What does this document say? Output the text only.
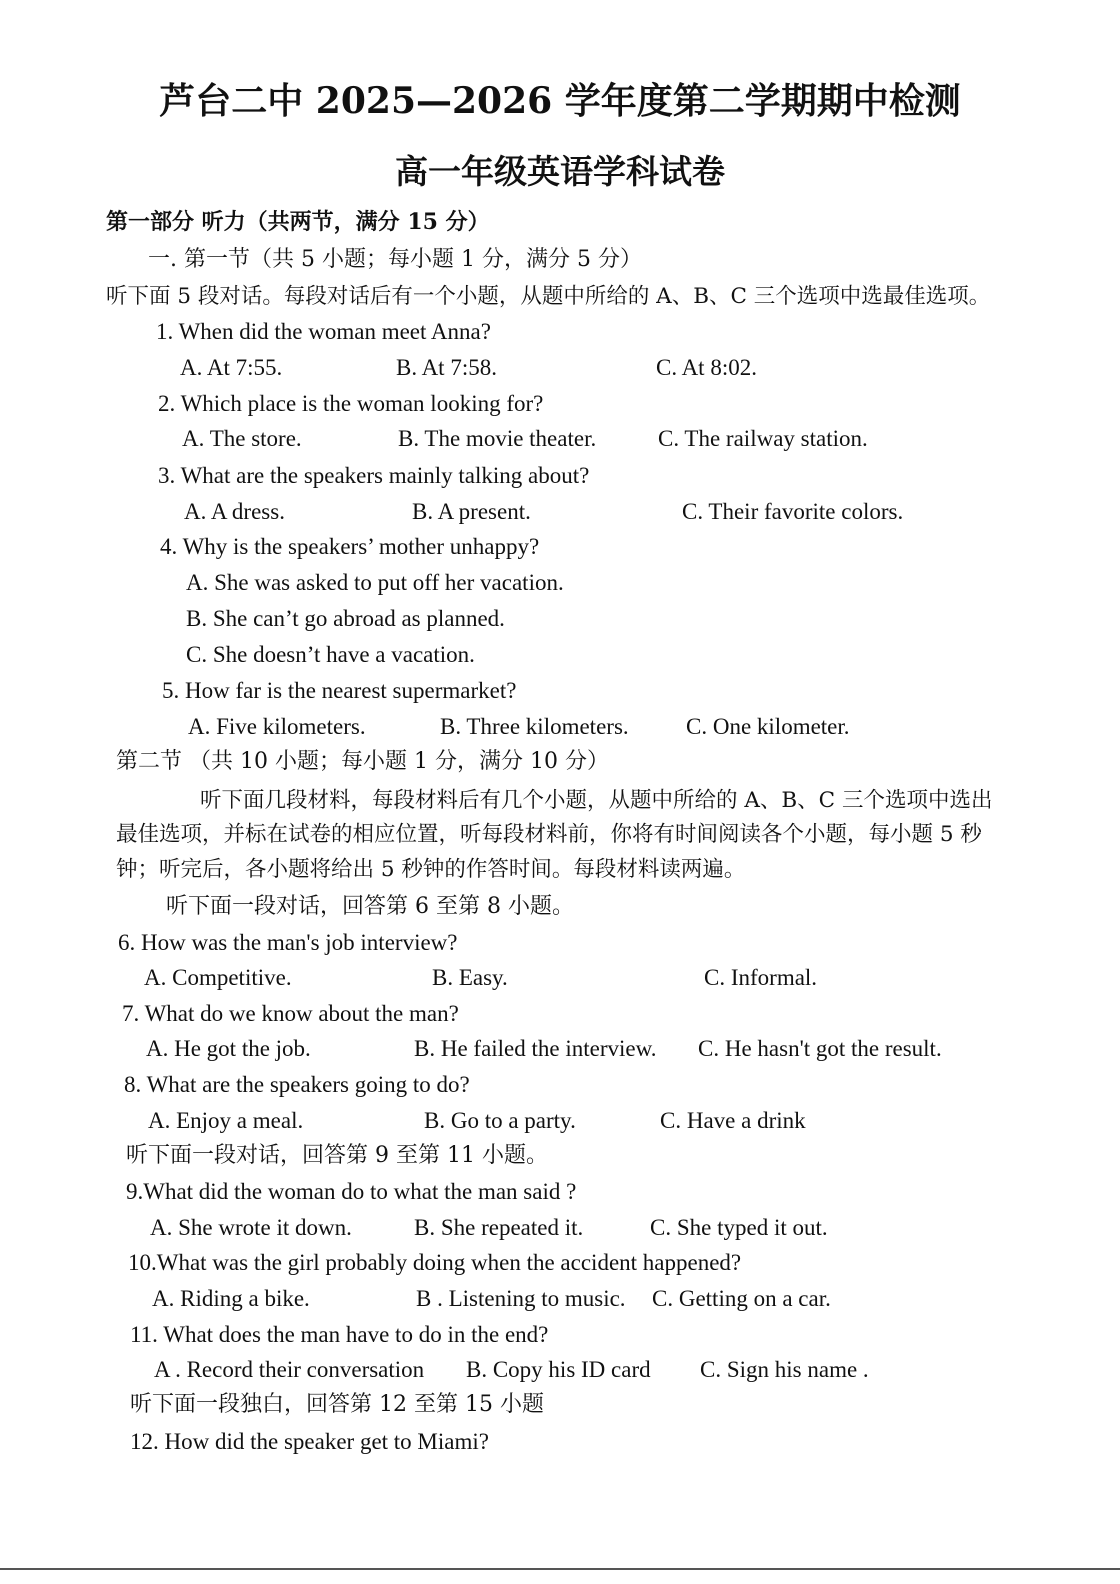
芦台二中 2025—2026 学年度第二学期期中检测
高一年级英语学科试卷
第一部分 听力（共两节，满分 15 分）
一. 第一节（共 5 小题；每小题 1 分，满分 5 分）
听下面 5 段对话。每段对话后有一个小题，从题中所给的 A、B、C 三个选项中选最佳选项。
1. When did the woman meet Anna?
A. At 7:55.	B. At 7:58.	C. At 8:02.
2. Which place is the woman looking for?
A. The store.	B. The movie theater.	C. The railway station.
3. What are the speakers mainly talking about?
A. A dress.	B. A present.	C. Their favorite colors.
4. Why is the speakers’ mother unhappy?
A. She was asked to put off her vacation.
B. She can’t go abroad as planned.
C. She doesn’t have a vacation.
5. How far is the nearest supermarket?
A. Five kilometers.	B. Three kilometers. C. One kilometer.
第二节 （共 10 小题；每小题 1 分，满分 10 分）
听下面几段材料，每段材料后有几个小题，从题中所给的 A、B、C 三个选项中选出
最佳选项，并标在试卷的相应位置，听每段材料前，你将有时间阅读各个小题，每小题 5 秒
钟；听完后，各小题将给出 5 秒钟的作答时间。每段材料读两遍。
听下面一段对话，回答第 6 至第 8 小题。
6. How was the man's job interview?
A. Competitive.	B. Easy.	C. Informal.
7. What do we know about the man?
A. He got the job.	B. He failed the interview. C. He hasn't got the result.
8. What are the speakers going to do?
A. Enjoy a meal.	B. Go to a party.	C. Have a drink
听下面一段对话，回答第 9 至第 11 小题。
9.What did the woman do to what the man said ?
A. She wrote it down.	B. She repeated it.	C. She typed it out.
10.What was the girl probably doing when the accident happened?
A. Riding a bike.	B . Listening to music. C. Getting on a car.
11. What does the man have to do in the end?
A . Record their conversation B. Copy his ID card C. Sign his name .
听下面一段独白，回答第 12 至第 15 小题
12. How did the speaker get to Miami?
